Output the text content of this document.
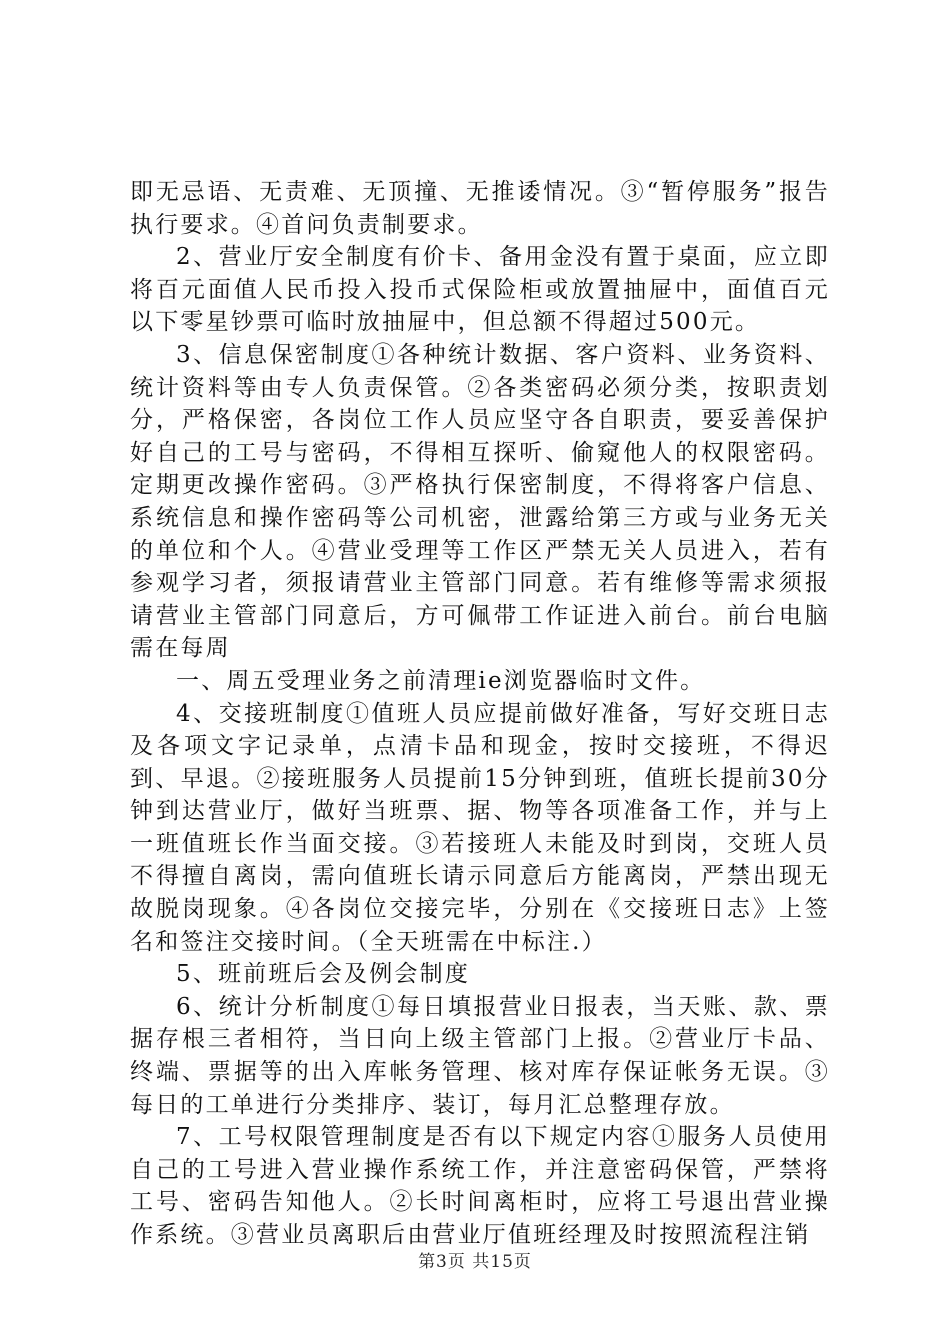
即无忌语、无责难、无顶撞、无推诿情况。③“暂停服务”报告执行要求。④首问负责制要求。

2、营业厅安全制度有价卡、备用金没有置于桌面，应立即将百元面值人民币投入投币式保险柜或放置抽屉中，面值百元以下零星钞票可临时放抽屉中，但总额不得超过500元。

3、信息保密制度①各种统计数据、客户资料、业务资料、统计资料等由专人负责保管。②各类密码必须分类，按职责划分，严格保密，各岗位工作人员应坚守各自职责，要妥善保护好自己的工号与密码，不得相互探听、偷窥他人的权限密码。定期更改操作密码。③严格执行保密制度，不得将客户信息、系统信息和操作密码等公司机密，泄露给第三方或与业务无关的单位和个人。④营业受理等工作区严禁无关人员进入，若有参观学习者，须报请营业主管部门同意。若有维修等需求须报请营业主管部门同意后，方可佩带工作证进入前台。前台电脑需在每周

一、周五受理业务之前清理ie浏览器临时文件。

4、交接班制度①值班人员应提前做好准备，写好交班日志及各项文字记录单，点清卡品和现金，按时交接班，不得迟到、早退。②接班服务人员提前15分钟到班，值班长提前30分钟到达营业厅，做好当班票、据、物等各项准备工作，并与上一班值班长作当面交接。③若接班人未能及时到岗，交班人员不得擅自离岗，需向值班长请示同意后方能离岗，严禁出现无故脱岗现象。④各岗位交接完毕，分别在《交接班日志》上签名和签注交接时间。（全天班需在中标注.）

5、班前班后会及例会制度

6、统计分析制度①每日填报营业日报表，当天账、款、票据存根三者相符，当日向上级主管部门上报。②营业厅卡品、终端、票据等的出入库帐务管理、核对库存保证帐务无误。③每日的工单进行分类排序、装订，每月汇总整理存放。

7、工号权限管理制度是否有以下规定内容①服务人员使用自己的工号进入营业操作系统工作，并注意密码保管，严禁将工号、密码告知他人。②长时间离柜时，应将工号退出营业操作系统。③营业员离职后由营业厅值班经理及时按照流程注销

第3页 共15页
